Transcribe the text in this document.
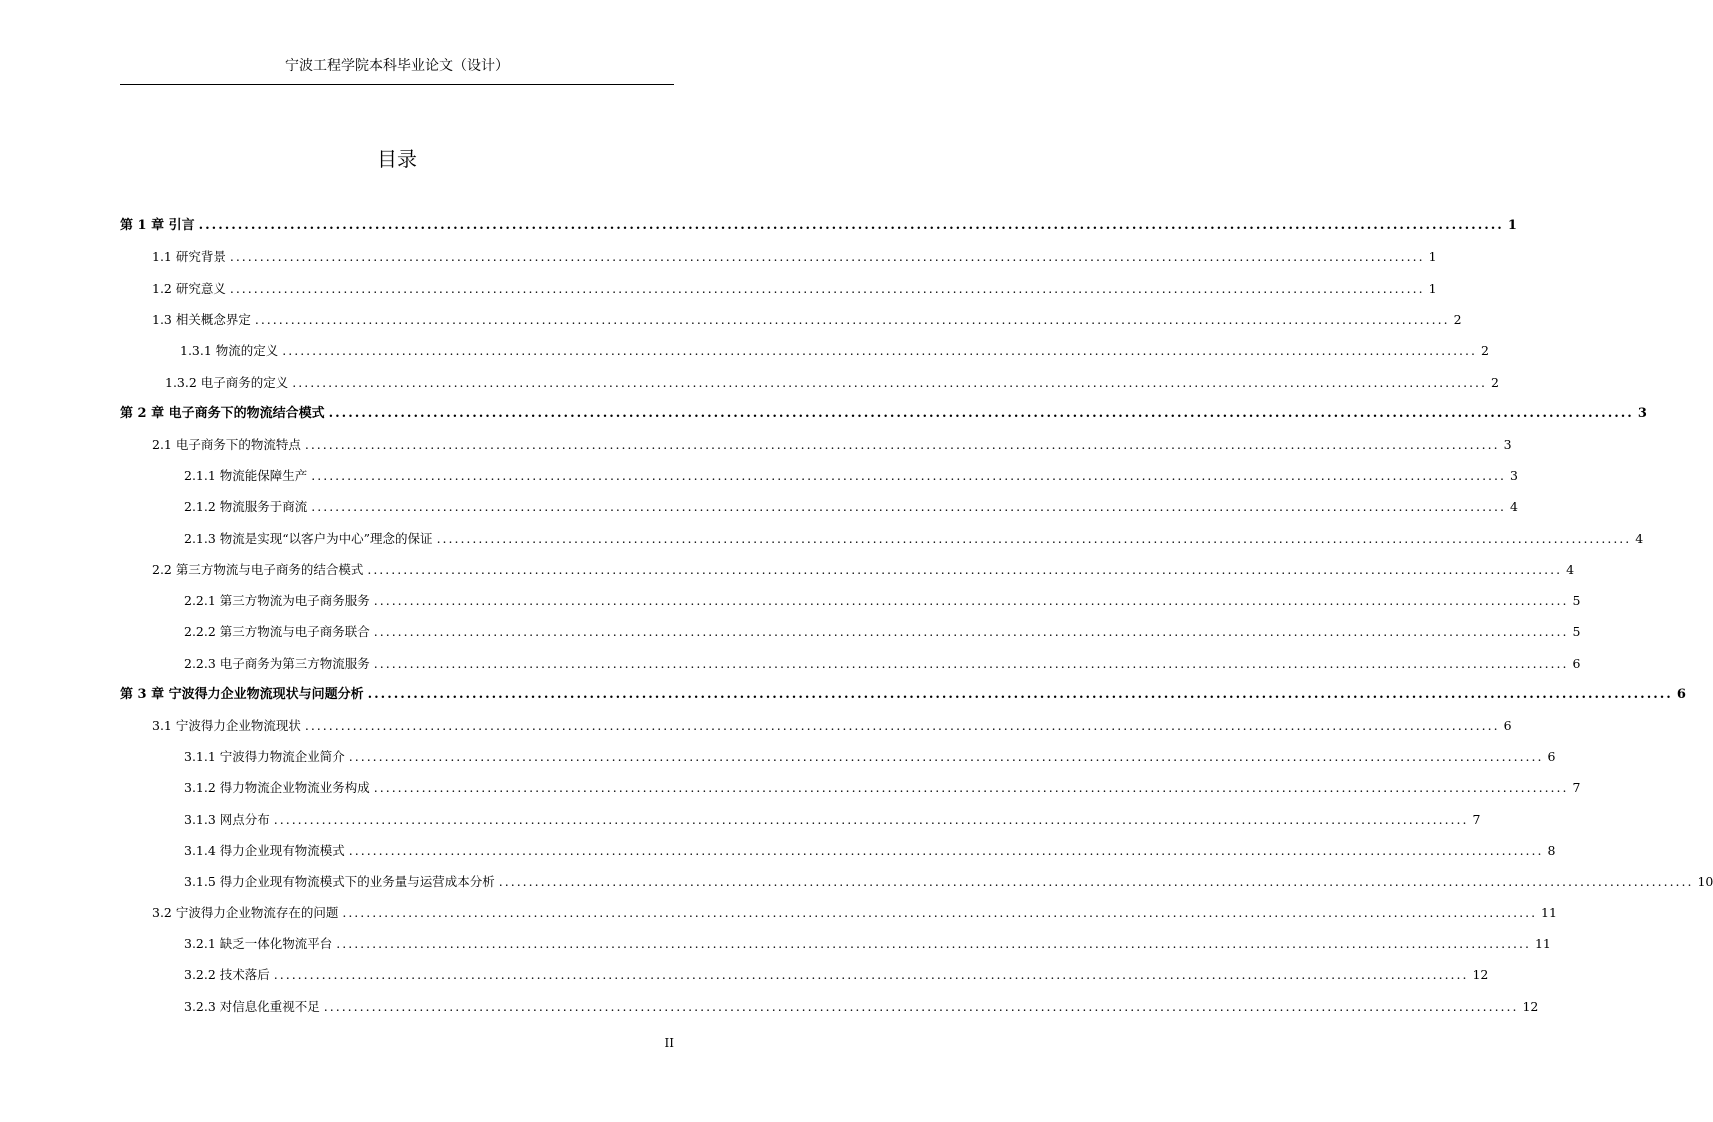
宁波工程学院本科毕业论文（设计）
目录
第 1 章 引言 ........................................................................................................................................................................................................ 1
1.1 研究背景 ........................................................................................................................................................................................................ 1
1.2 研究意义 ........................................................................................................................................................................................................ 1
1.3 相关概念界定 ........................................................................................................................................................................................................ 2
1.3.1 物流的定义 ........................................................................................................................................................................................................ 2
1.3.2 电子商务的定义 ........................................................................................................................................................................................................ 2
第 2 章 电子商务下的物流结合模式 ........................................................................................................................................................................................................ 3
2.1 电子商务下的物流特点 ........................................................................................................................................................................................................ 3
2.1.1 物流能保障生产 ........................................................................................................................................................................................................ 3
2.1.2 物流服务于商流 ........................................................................................................................................................................................................ 4
2.1.3 物流是实现“以客户为中心”理念的保证 ........................................................................................................................................................................................................ 4
2.2 第三方物流与电子商务的结合模式 ........................................................................................................................................................................................................ 4
2.2.1 第三方物流为电子商务服务 ........................................................................................................................................................................................................ 5
2.2.2 第三方物流与电子商务联合 ........................................................................................................................................................................................................ 5
2.2.3 电子商务为第三方物流服务 ........................................................................................................................................................................................................ 6
第 3 章 宁波得力企业物流现状与问题分析 ........................................................................................................................................................................................................ 6
3.1 宁波得力企业物流现状 ........................................................................................................................................................................................................ 6
3.1.1 宁波得力物流企业简介 ........................................................................................................................................................................................................ 6
3.1.2 得力物流企业物流业务构成 ........................................................................................................................................................................................................ 7
3.1.3 网点分布 ........................................................................................................................................................................................................ 7
3.1.4 得力企业现有物流模式 ........................................................................................................................................................................................................ 8
3.1.5 得力企业现有物流模式下的业务量与运营成本分析 ........................................................................................................................................................................................................ 10
3.2 宁波得力企业物流存在的问题 ........................................................................................................................................................................................................ 11
3.2.1 缺乏一体化物流平台 ........................................................................................................................................................................................................ 11
3.2.2 技术落后 ........................................................................................................................................................................................................ 12
3.2.3 对信息化重视不足 ........................................................................................................................................................................................................ 12
II
